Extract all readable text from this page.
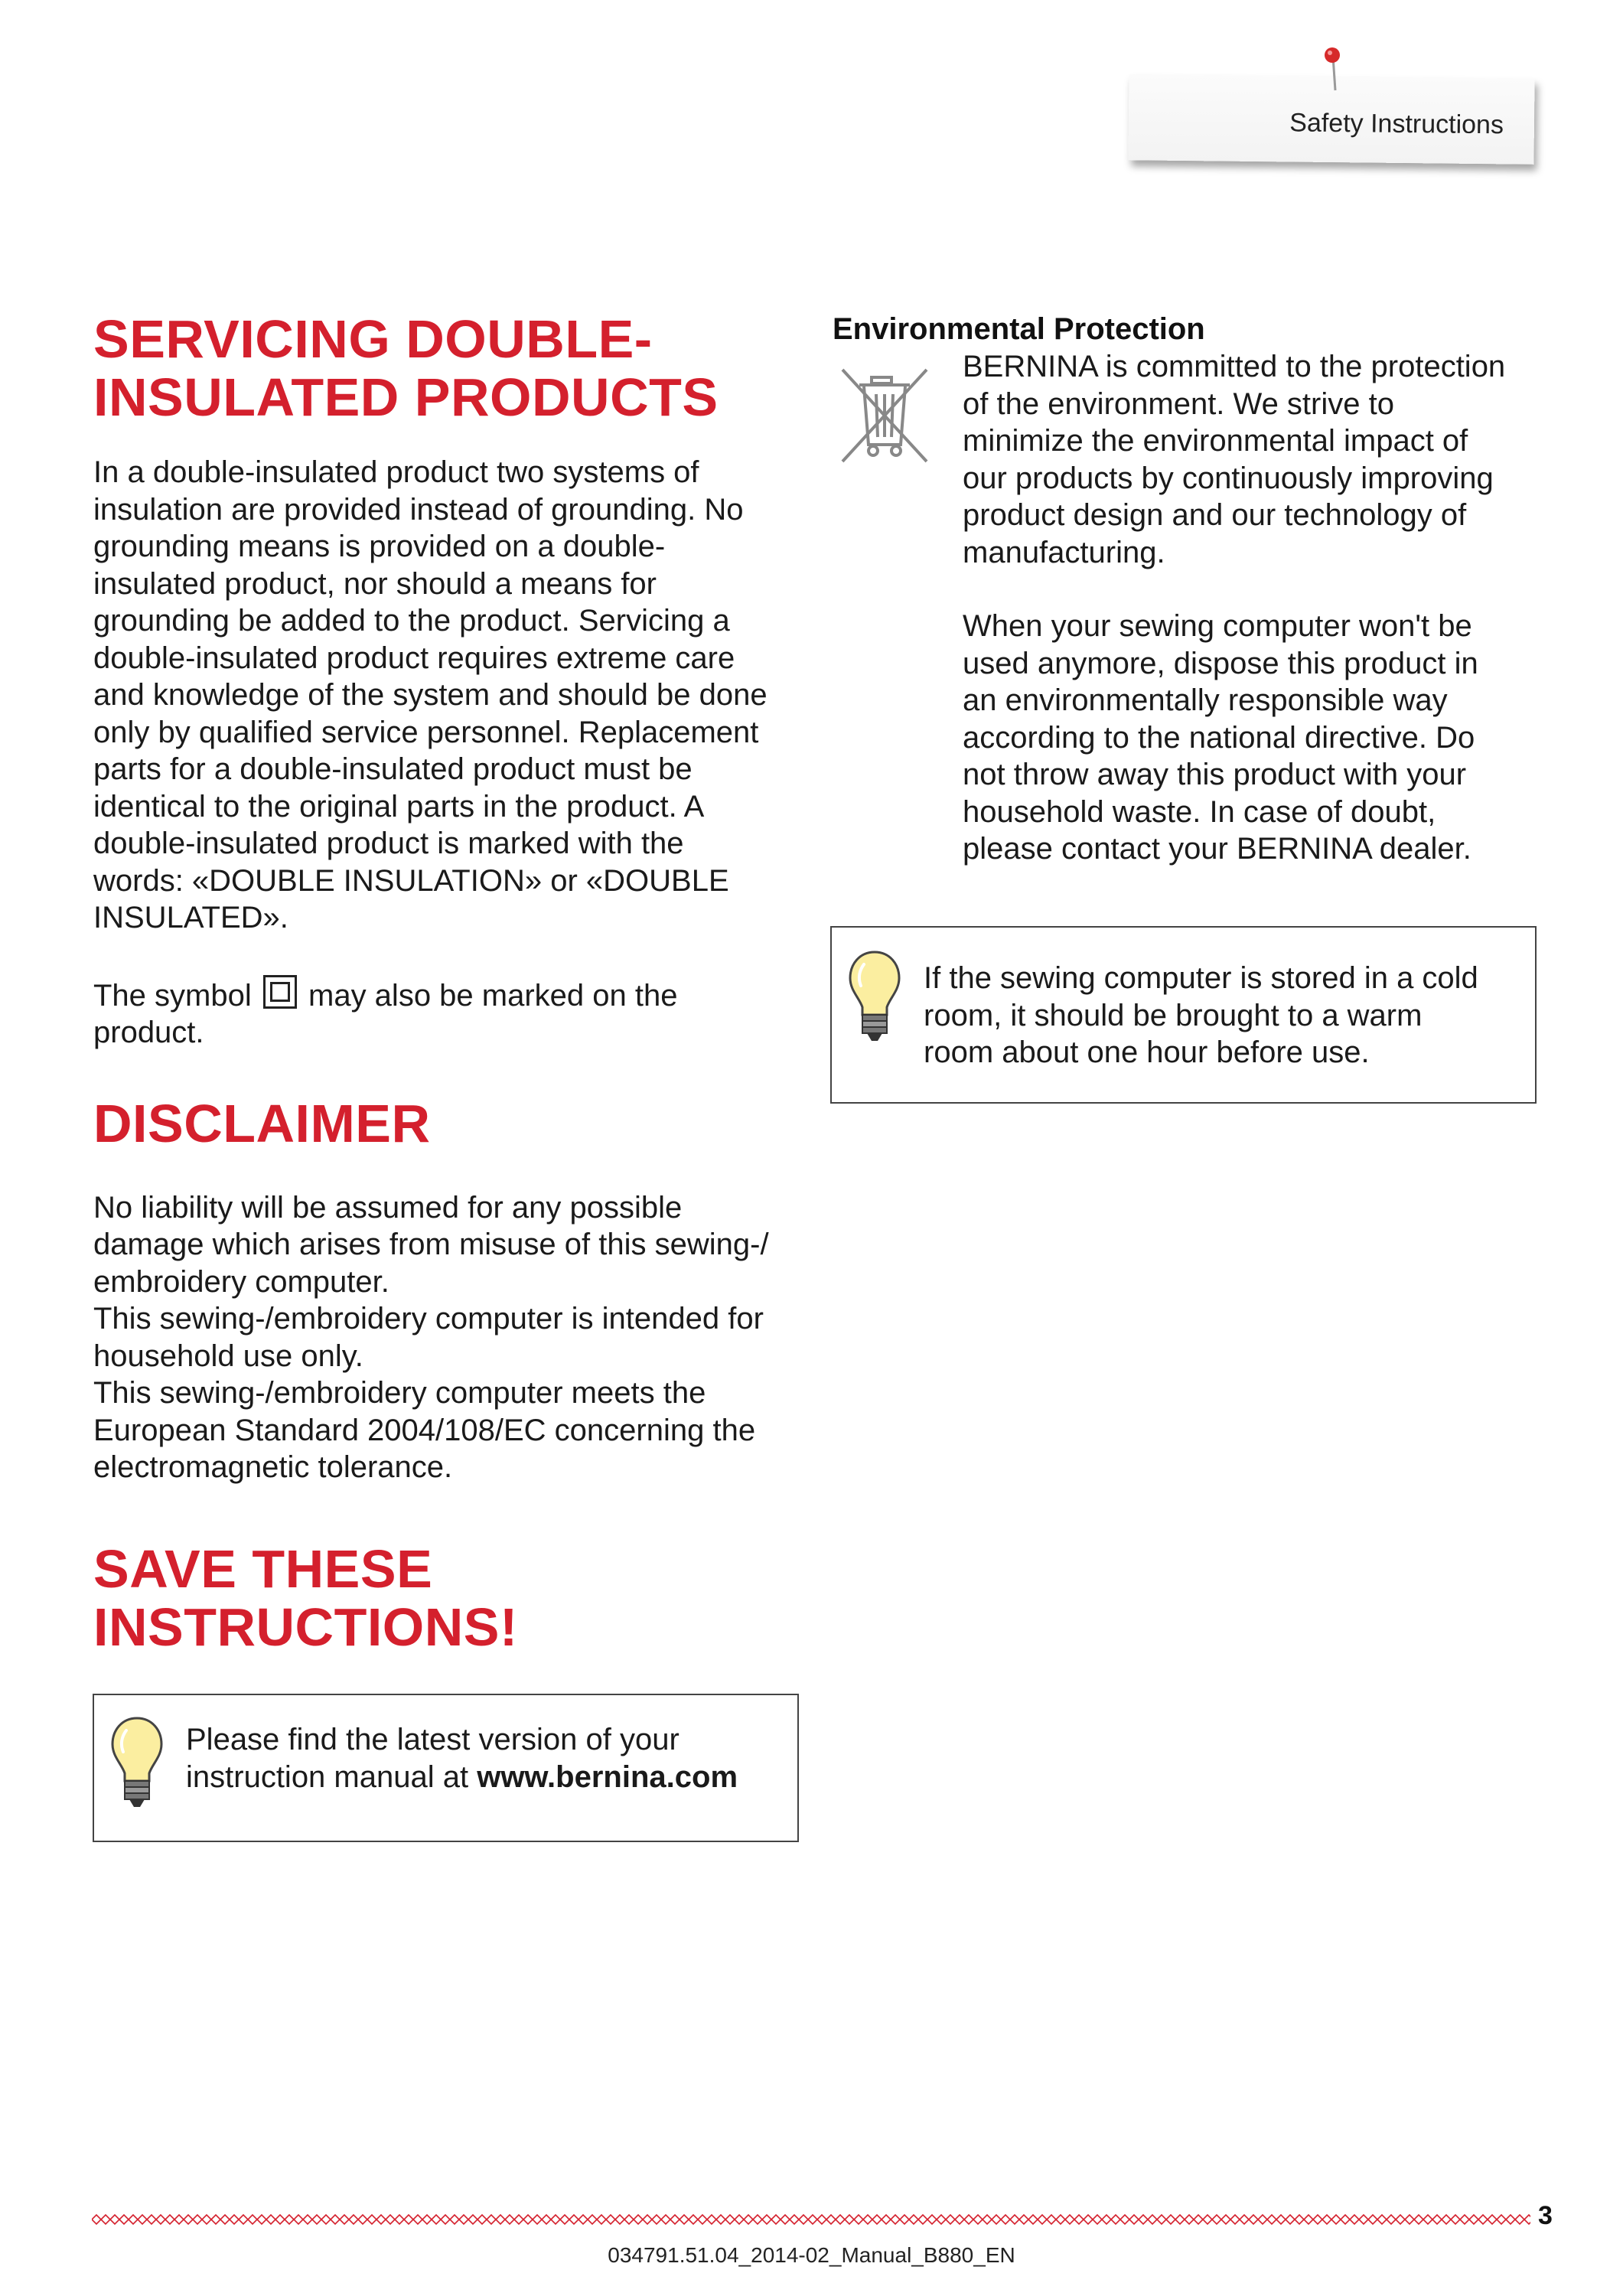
Safety Instructions
SERVICING DOUBLE-
INSULATED PRODUCTS

In a double-insulated product two systems of
insulation are provided instead of grounding. No
grounding means is provided on a double-
insulated product, nor should a means for
grounding be added to the product. Servicing a
double-insulated product requires extreme care
and knowledge of the system and should be done
only by qualified service personnel. Replacement
parts for a double-insulated product must be
identical to the original parts in the product. A
double-insulated product is marked with the
words: «DOUBLE INSULATION» or «DOUBLE
INSULATED».

The symbol may also be marked on the
product.
DISCLAIMER

No liability will be assumed for any possible
damage which arises from misuse of this sewing-/
embroidery computer.
This sewing-/embroidery computer is intended for
household use only.
This sewing-/embroidery computer meets the
European Standard 2004/108/EC concerning the
electromagnetic tolerance.

SAVE THESE
INSTRUCTIONS!
Please find the latest version of your
instruction manual at www.bernina.com
Environmental Protection

BERNINA is committed to the protection
of the environment. We strive to
minimize the environmental impact of
our products by continuously improving
product design and our technology of
manufacturing.

When your sewing computer won't be
used anymore, dispose this product in
an environmentally responsible way
according to the national directive. Do
not throw away this product with your
household waste. In case of doubt,
please contact your BERNINA dealer.

If the sewing computer is stored in a cold
room, it should be brought to a warm
room about one hour before use.
3
034791.51.04_2014-02_Manual_B880_EN
